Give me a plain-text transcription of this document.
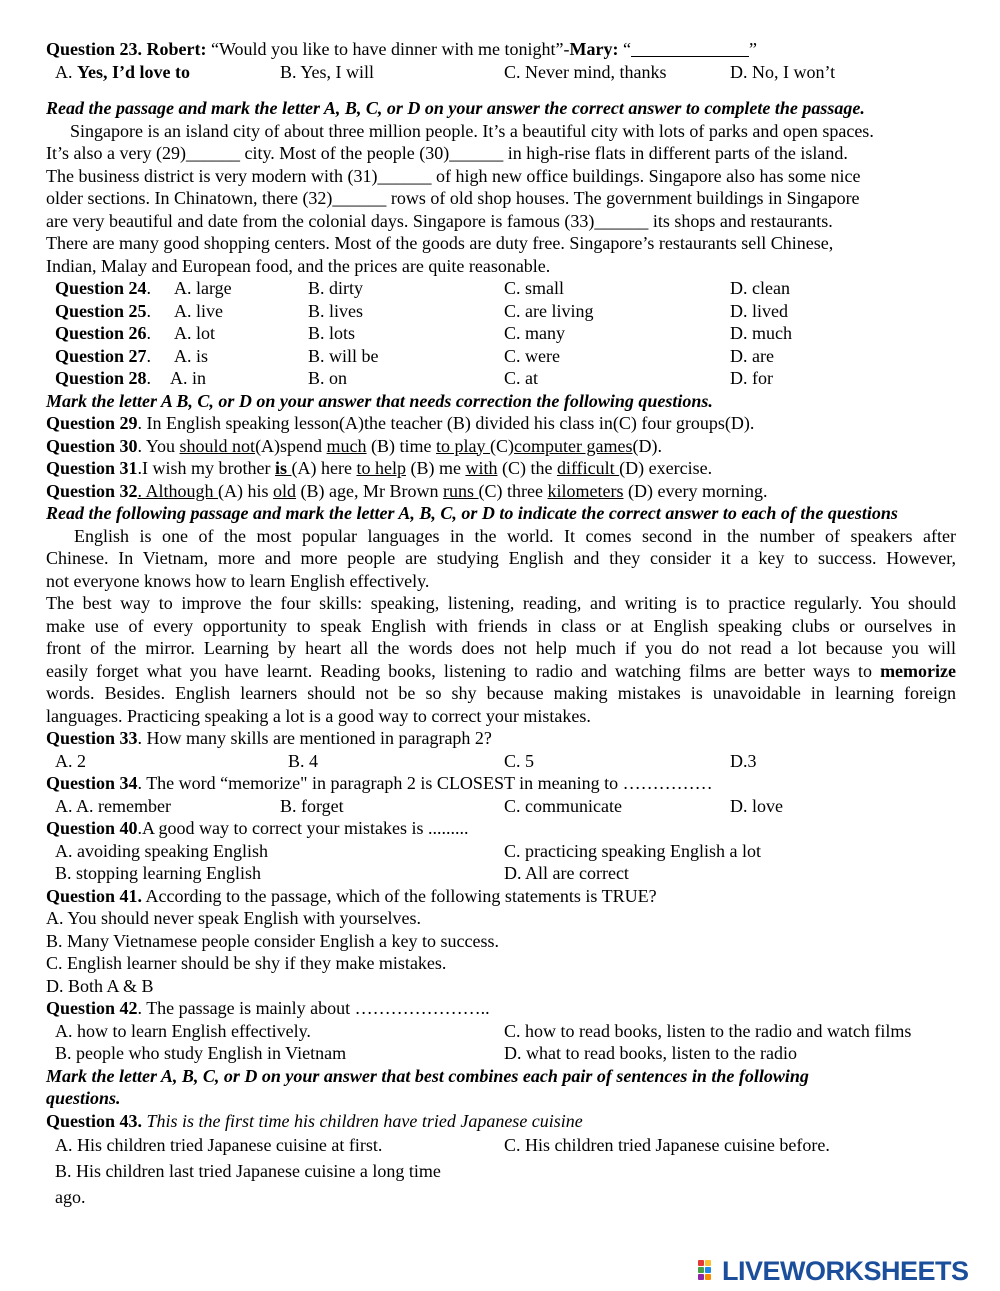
Question 23. Robert: “Would you like to have dinner with me tonight”-Mary: “	”
A. Yes, I’d love to	B. Yes, I will	C. Never mind, thanks	D. No, I won’t
Read the passage and mark the letter A, B, C, or D on your answer the correct answer to complete the passage.
Singapore is an island city of about three million people. It’s a beautiful city with lots of parks and open spaces.
It’s also a very (29)______ city. Most of the people (30)______ in high-rise flats in different parts of the island.
The business district is very modern with (31)______ of high new office buildings. Singapore also has some nice
older sections. In Chinatown, there (32)______ rows of old shop houses. The government buildings in Singapore
are very beautiful and date from the colonial days. Singapore is famous (33)______ its shops and restaurants.
There are many good shopping centers. Most of the goods are duty free. Singapore’s restaurants sell Chinese,
Indian, Malay and European food, and the prices are quite reasonable.
Question 24. A. large	B. dirty	C. small	D. clean
Question 25. A. live	B. lives	C. are living	D. lived
Question 26. A. lot	B. lots	C. many	D. much
Question 27. A. is	B. will be	C. were	D. are
Question 28. A. in	B. on	C. at	D. for
Mark the letter A B, C, or D on your answer that needs correction the following questions.
Question 29. In English speaking lesson(A)the teacher (B) divided his class in(C) four groups(D).
Question 30. You should not(A)spend much (B) time to play (C)computer games(D).
Question 31.I wish my brother is (A) here to help (B) me with (C) the difficult (D) exercise.
Question 32. Although (A) his old (B) age, Mr Brown runs (C) three kilometers (D) every morning.
Read the following passage and mark the letter A, B, C, or D to indicate the correct answer to each of the questions
English is one of the most popular languages in the world. It comes second in the number of speakers after
Chinese. In Vietnam, more and more people are studying English and they consider it a key to success. However,
not everyone knows how to learn English effectively.
The best way to improve the four skills: speaking, listening, reading, and writing is to practice regularly. You should
make use of every opportunity to speak English with friends in class or at English speaking clubs or ourselves in
front of the mirror. Learning by heart all the words does not help much if you do not read a lot because you will
easily forget what you have learnt. Reading books, listening to radio and watching films are better ways to memorize
words. Besides. English learners should not be so shy because making mistakes is unavoidable in learning foreign
languages. Practicing speaking a lot is a good way to correct your mistakes.
Question 33. How many skills are mentioned in paragraph 2?
A. 2	B. 4	C. 5	D.3
Question 34. The word “memorize" in paragraph 2 is CLOSEST in meaning to ……………
A. A. remember	B. forget	C. communicate	D. love
Question 40.A good way to correct your mistakes is .........
A. avoiding speaking English	C. practicing speaking English a lot
B. stopping learning English	D. All are correct
Question 41. According to the passage, which of the following statements is TRUE?
A. You should never speak English with yourselves.
B. Many Vietnamese people consider English a key to success.
C. English learner should be shy if they make mistakes.
D. Both A & B
Question 42. The passage is mainly about …………………..
A. how to learn English effectively.	C. how to read books, listen to the radio and watch films
B. people who study English in Vietnam	D. what to read books, listen to the radio
Mark the letter A, B, C, or D on your answer that best combines each pair of sentences in the following
questions.
Question 43. This is the first time his children have tried Japanese cuisine
A. His children tried Japanese cuisine at first.	C. His children tried Japanese cuisine before.
B. His children last tried Japanese cuisine a long time
ago.
LIVEWORKSHEETS
